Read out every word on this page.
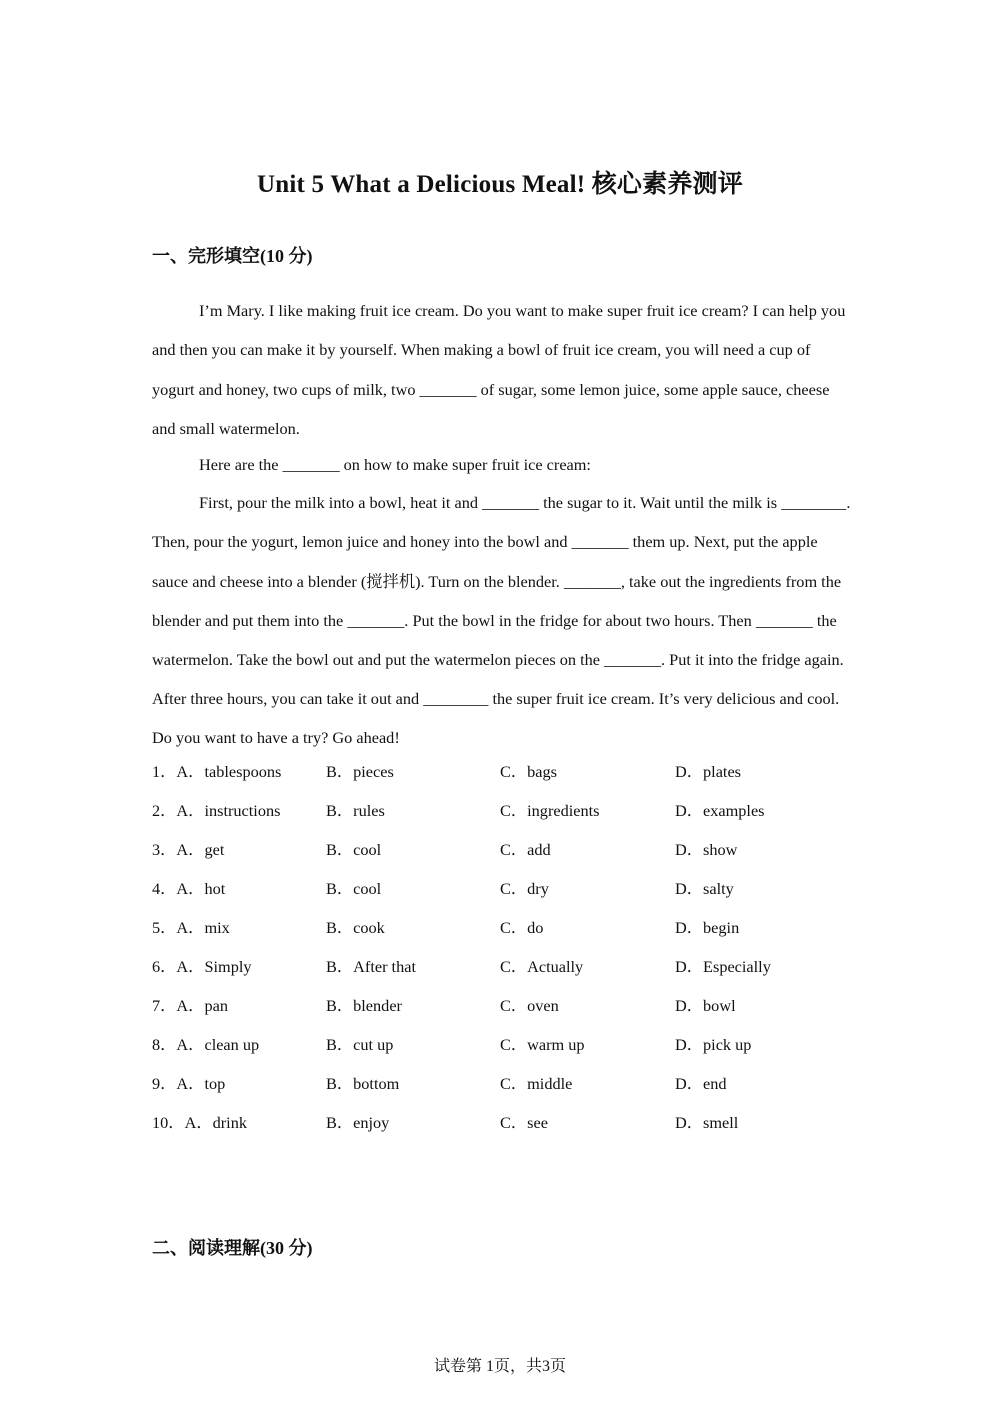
Unit 5 What a Delicious Meal! 核心素养测评
一、完形填空(10 分)

I’m Mary. I like making fruit ice cream. Do you want to make super fruit ice cream? I can help you and then you can make it by yourself. When making a bowl of fruit ice cream, you will need a cup of yogurt and honey, two cups of milk, two _______ of sugar, some lemon juice, some apple sauce, cheese and small watermelon.

Here are the _______ on how to make super fruit ice cream:

First, pour the milk into a bowl, heat it and _______ the sugar to it. Wait until the milk is ________. Then, pour the yogurt, lemon juice and honey into the bowl and _______ them up. Next, put the apple sauce and cheese into a blender (搅拌机). Turn on the blender. _______, take out the ingredients from the blender and put them into the _______. Put the bowl in the fridge for about two hours. Then _______ the watermelon. Take the bowl out and put the watermelon pieces on the _______. Put it into the fridge again. After three hours, you can take it out and ________ the super fruit ice cream. It’s very delicious and cool. Do you want to have a try? Go ahead!

1．A．tablespoons	B．pieces	C．bags	D．plates
2．A．instructions	B．rules	C．ingredients	D．examples
3．A．get	B．cool	C．add	D．show
4．A．hot	B．cool	C．dry	D．salty
5．A．mix	B．cook	C．do	D．begin
6．A．Simply	B．After that	C．Actually	D．Especially
7．A．pan	B．blender	C．oven	D．bowl
8．A．clean up	B．cut up	C．warm up	D．pick up
9．A．top	B．bottom	C．middle	D．end
10．A．drink	B．enjoy	C．see	D．smell
二、阅读理解(30 分)
试卷第 1页，共3页
